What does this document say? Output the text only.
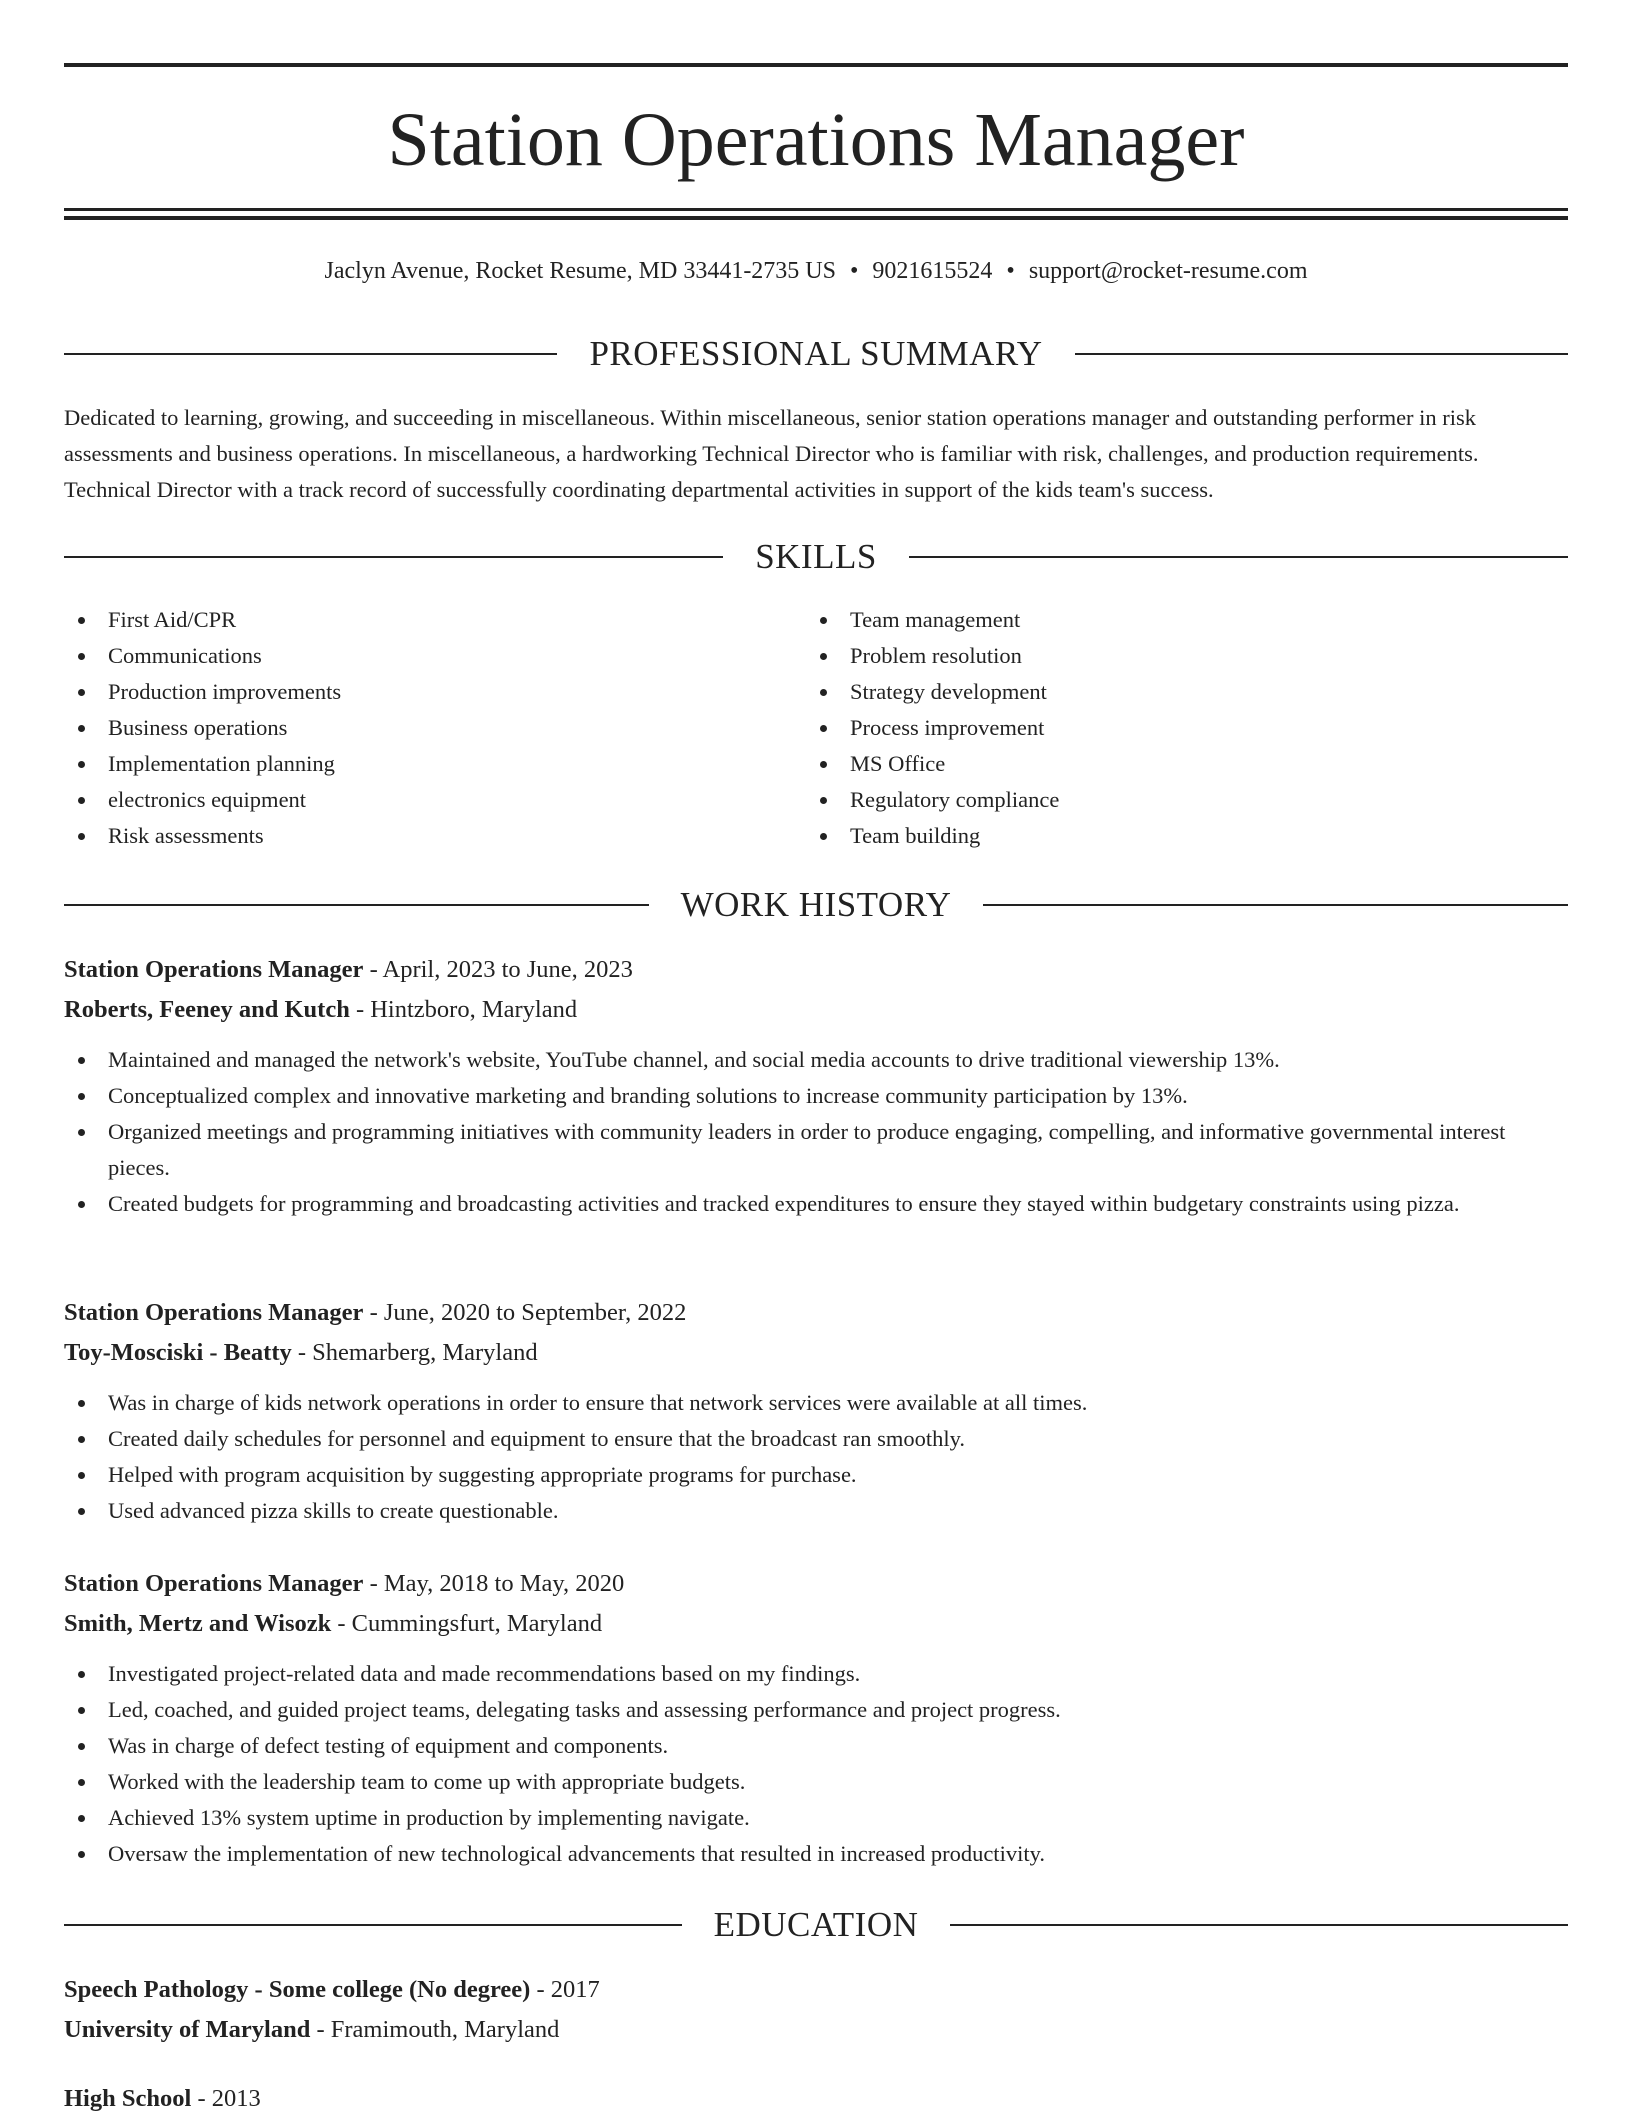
Station Operations Manager
Jaclyn Avenue, Rocket Resume, MD 33441-2735 US • 9021615524 • support@rocket-resume.com
PROFESSIONAL SUMMARY

Dedicated to learning, growing, and succeeding in miscellaneous. Within miscellaneous, senior station operations manager and outstanding performer in risk assessments and business operations. In miscellaneous, a hardworking Technical Director who is familiar with risk, challenges, and production requirements. Technical Director with a track record of successfully coordinating departmental activities in support of the kids team's success.

SKILLS
First Aid/CPR
Communications
Production improvements
Business operations
Implementation planning
electronics equipment
Risk assessments
Team management
Problem resolution
Strategy development
Process improvement
MS Office
Regulatory compliance
Team building
WORK HISTORY
Station Operations Manager - April, 2023 to June, 2023
Roberts, Feeney and Kutch - Hintzboro, Maryland
Maintained and managed the network's website, YouTube channel, and social media accounts to drive traditional viewership 13%.
Conceptualized complex and innovative marketing and branding solutions to increase community participation by 13%.
Organized meetings and programming initiatives with community leaders in order to produce engaging, compelling, and informative governmental interest pieces.
Created budgets for programming and broadcasting activities and tracked expenditures to ensure they stayed within budgetary constraints using pizza.
Station Operations Manager - June, 2020 to September, 2022
Toy-Mosciski - Beatty - Shemarberg, Maryland
Was in charge of kids network operations in order to ensure that network services were available at all times.
Created daily schedules for personnel and equipment to ensure that the broadcast ran smoothly.
Helped with program acquisition by suggesting appropriate programs for purchase.
Used advanced pizza skills to create questionable.
Station Operations Manager - May, 2018 to May, 2020
Smith, Mertz and Wisozk - Cummingsfurt, Maryland
Investigated project-related data and made recommendations based on my findings.
Led, coached, and guided project teams, delegating tasks and assessing performance and project progress.
Was in charge of defect testing of equipment and components.
Worked with the leadership team to come up with appropriate budgets.
Achieved 13% system uptime in production by implementing navigate.
Oversaw the implementation of new technological advancements that resulted in increased productivity.
EDUCATION
Speech Pathology - Some college (No degree) - 2017
University of Maryland - Framimouth, Maryland
High School - 2013
